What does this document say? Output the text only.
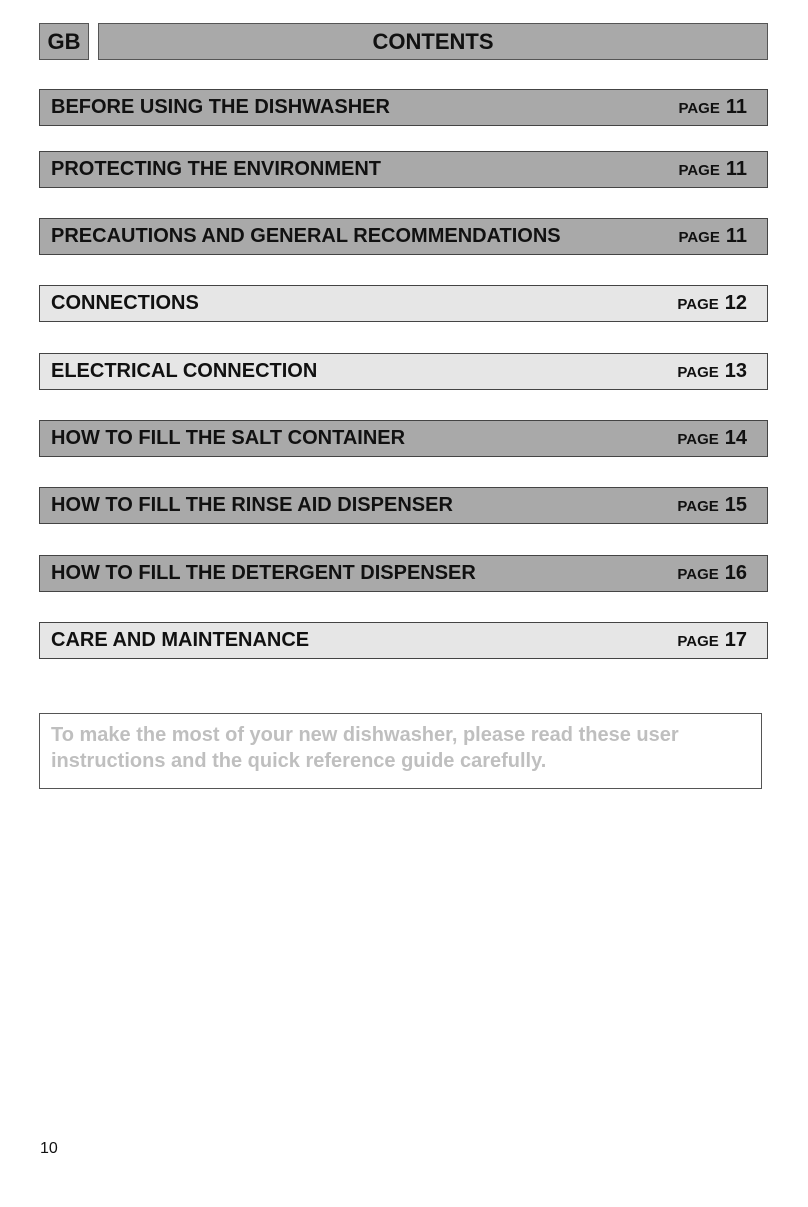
GB	CONTENTS
BEFORE USING THE DISHWASHER	PAGE 11
PROTECTING THE ENVIRONMENT	PAGE 11
PRECAUTIONS AND GENERAL RECOMMENDATIONS	PAGE 11
CONNECTIONS	PAGE 12
ELECTRICAL CONNECTION	PAGE 13
HOW TO FILL THE SALT CONTAINER	PAGE 14
HOW TO FILL THE RINSE AID DISPENSER	PAGE 15
HOW TO FILL THE DETERGENT DISPENSER	PAGE 16
CARE AND MAINTENANCE	PAGE 17
To make the most of your new dishwasher, please read these user
instructions and the quick reference guide carefully.
10
